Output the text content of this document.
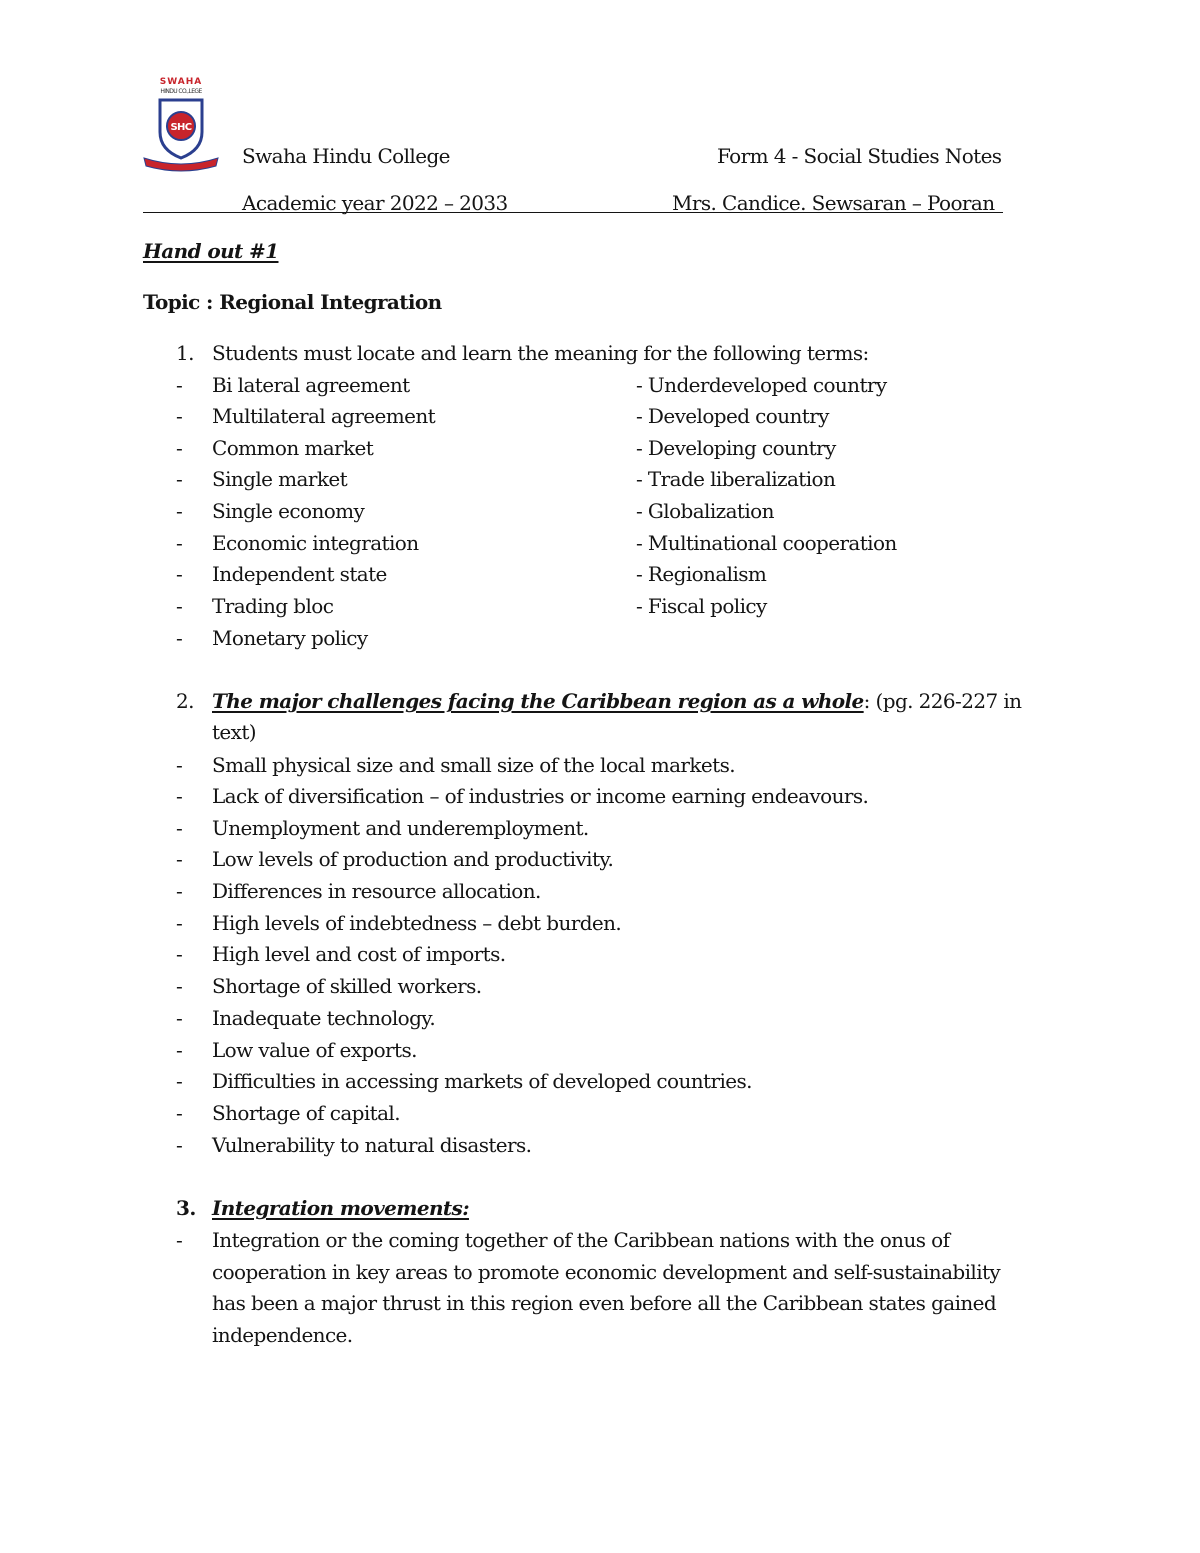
SWAHA
HINDU CO.,LEGE
SHC
Swaha Hindu College	Form 4 - Social Studies Notes
Academic year 2022 – 2033	Mrs. Candice. Sewsaran – Pooran
Hand out #1
Topic : Regional Integration
1. Students must locate and learn the meaning for the following terms:
- Bi lateral agreement	- Underdeveloped country
- Multilateral agreement	- Developed country
- Common market	- Developing country
- Single market	- Trade liberalization
- Single economy	- Globalization
- Economic integration	- Multinational cooperation
- Independent state	- Regionalism
- Trading bloc	- Fiscal policy
- Monetary policy
2. The major challenges facing the Caribbean region as a whole: (pg. 226-227 in
text)
- Small physical size and small size of the local markets.
- Lack of diversification – of industries or income earning endeavours.
- Unemployment and underemployment.
- Low levels of production and productivity.
- Differences in resource allocation.
- High levels of indebtedness – debt burden.
- High level and cost of imports.
- Shortage of skilled workers.
- Inadequate technology.
- Low value of exports.
- Difficulties in accessing markets of developed countries.
- Shortage of capital.
- Vulnerability to natural disasters.
3. Integration movements:
- Integration or the coming together of the Caribbean nations with the onus of
cooperation in key areas to promote economic development and self-sustainability
has been a major thrust in this region even before all the Caribbean states gained
independence.
